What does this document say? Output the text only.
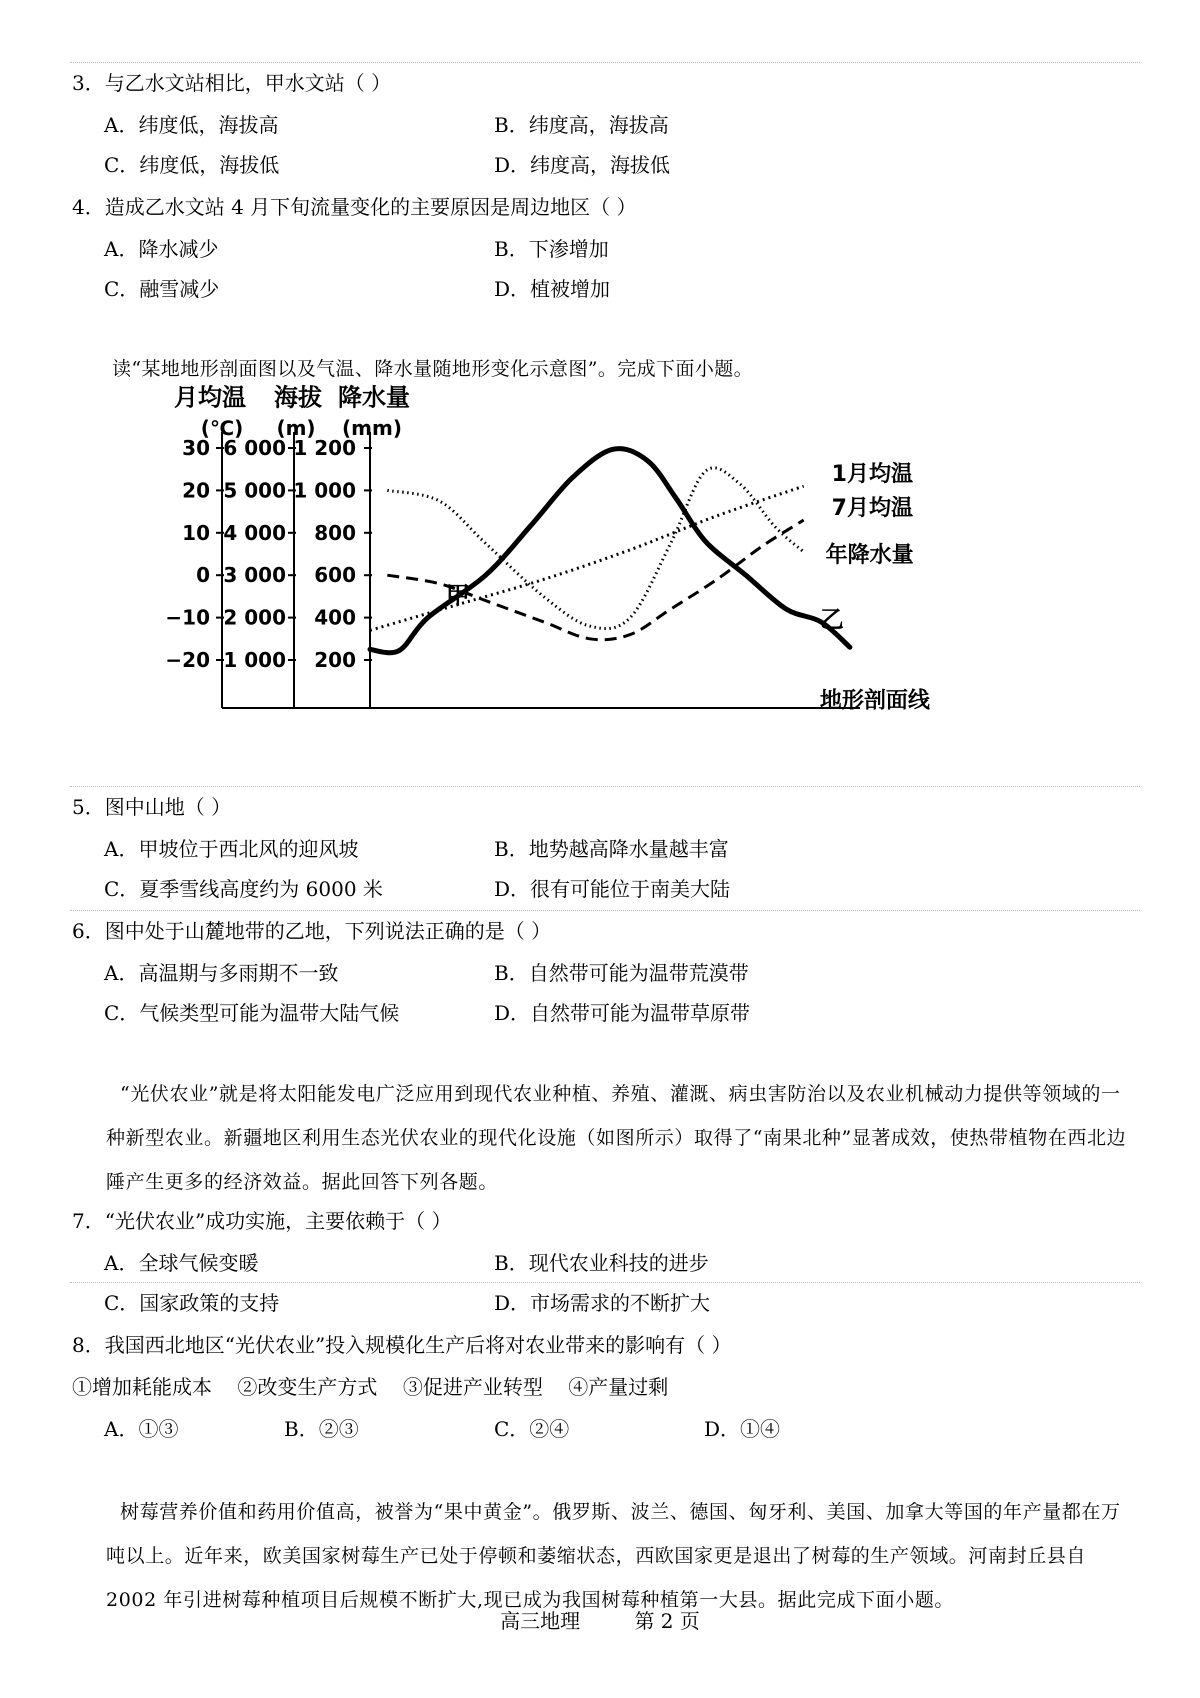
3．与乙水文站相比，甲水文站（ ）
A．纬度低，海拔高	B．纬度高，海拔高
C．纬度低，海拔低	D．纬度高，海拔低
4．造成乙水文站 4 月下旬流量变化的主要原因是周边地区（ ）
A．降水减少	B．下渗增加
C．融雪减少	D．植被增加
读“某地地形剖面图以及气温、降水量随地形变化示意图”。完成下面小题。
月均温 海拔 降水量
(℃) (m) (mm)
30
20
10
0
−10
−20
6 000
5 000
4 000
3 000
2 000
1 000
1 200
1 000
800
600
400
200
地形剖面线
1月均温
7月均温
年降水量
甲
乙
5．图中山地（ ）
A．甲坡位于西北风的迎风坡	B．地势越高降水量越丰富
C．夏季雪线高度约为 6000 米	D．很有可能位于南美大陆
6．图中处于山麓地带的乙地，下列说法正确的是（ ）
A．高温期与多雨期不一致	B．自然带可能为温带荒漠带
C．气候类型可能为温带大陆气候	D．自然带可能为温带草原带

“光伏农业”就是将太阳能发电广泛应用到现代农业种植、养殖、灌溉、病虫害防治以及农业机械动力提供等领域的一种新型农业。新疆地区利用生态光伏农业的现代化设施（如图所示）取得了“南果北种”显著成效，使热带植物在西北边陲产生更多的经济效益。据此回答下列各题。

7．“光伏农业”成功实施，主要依赖于（ ）
A．全球气候变暖	B．现代农业科技的进步
C．国家政策的支持	D．市场需求的不断扩大
8．我国西北地区“光伏农业”投入规模化生产后将对农业带来的影响有（ ）
①增加耗能成本    ②改变生产方式    ③促进产业转型    ④产量过剩
A．①③	B．②③	C．②④	D．①④

树莓营养价值和药用价值高，被誉为“果中黄金”。俄罗斯、波兰、德国、匈牙利、美国、加拿大等国的年产量都在万吨以上。近年来，欧美国家树莓生产已处于停顿和萎缩状态，西欧国家更是退出了树莓的生产领域。河南封丘县自 2002 年引进树莓种植项目后规模不断扩大,现已成为我国树莓种植第一大县。据此完成下面小题。

高三地理	第 2 页
